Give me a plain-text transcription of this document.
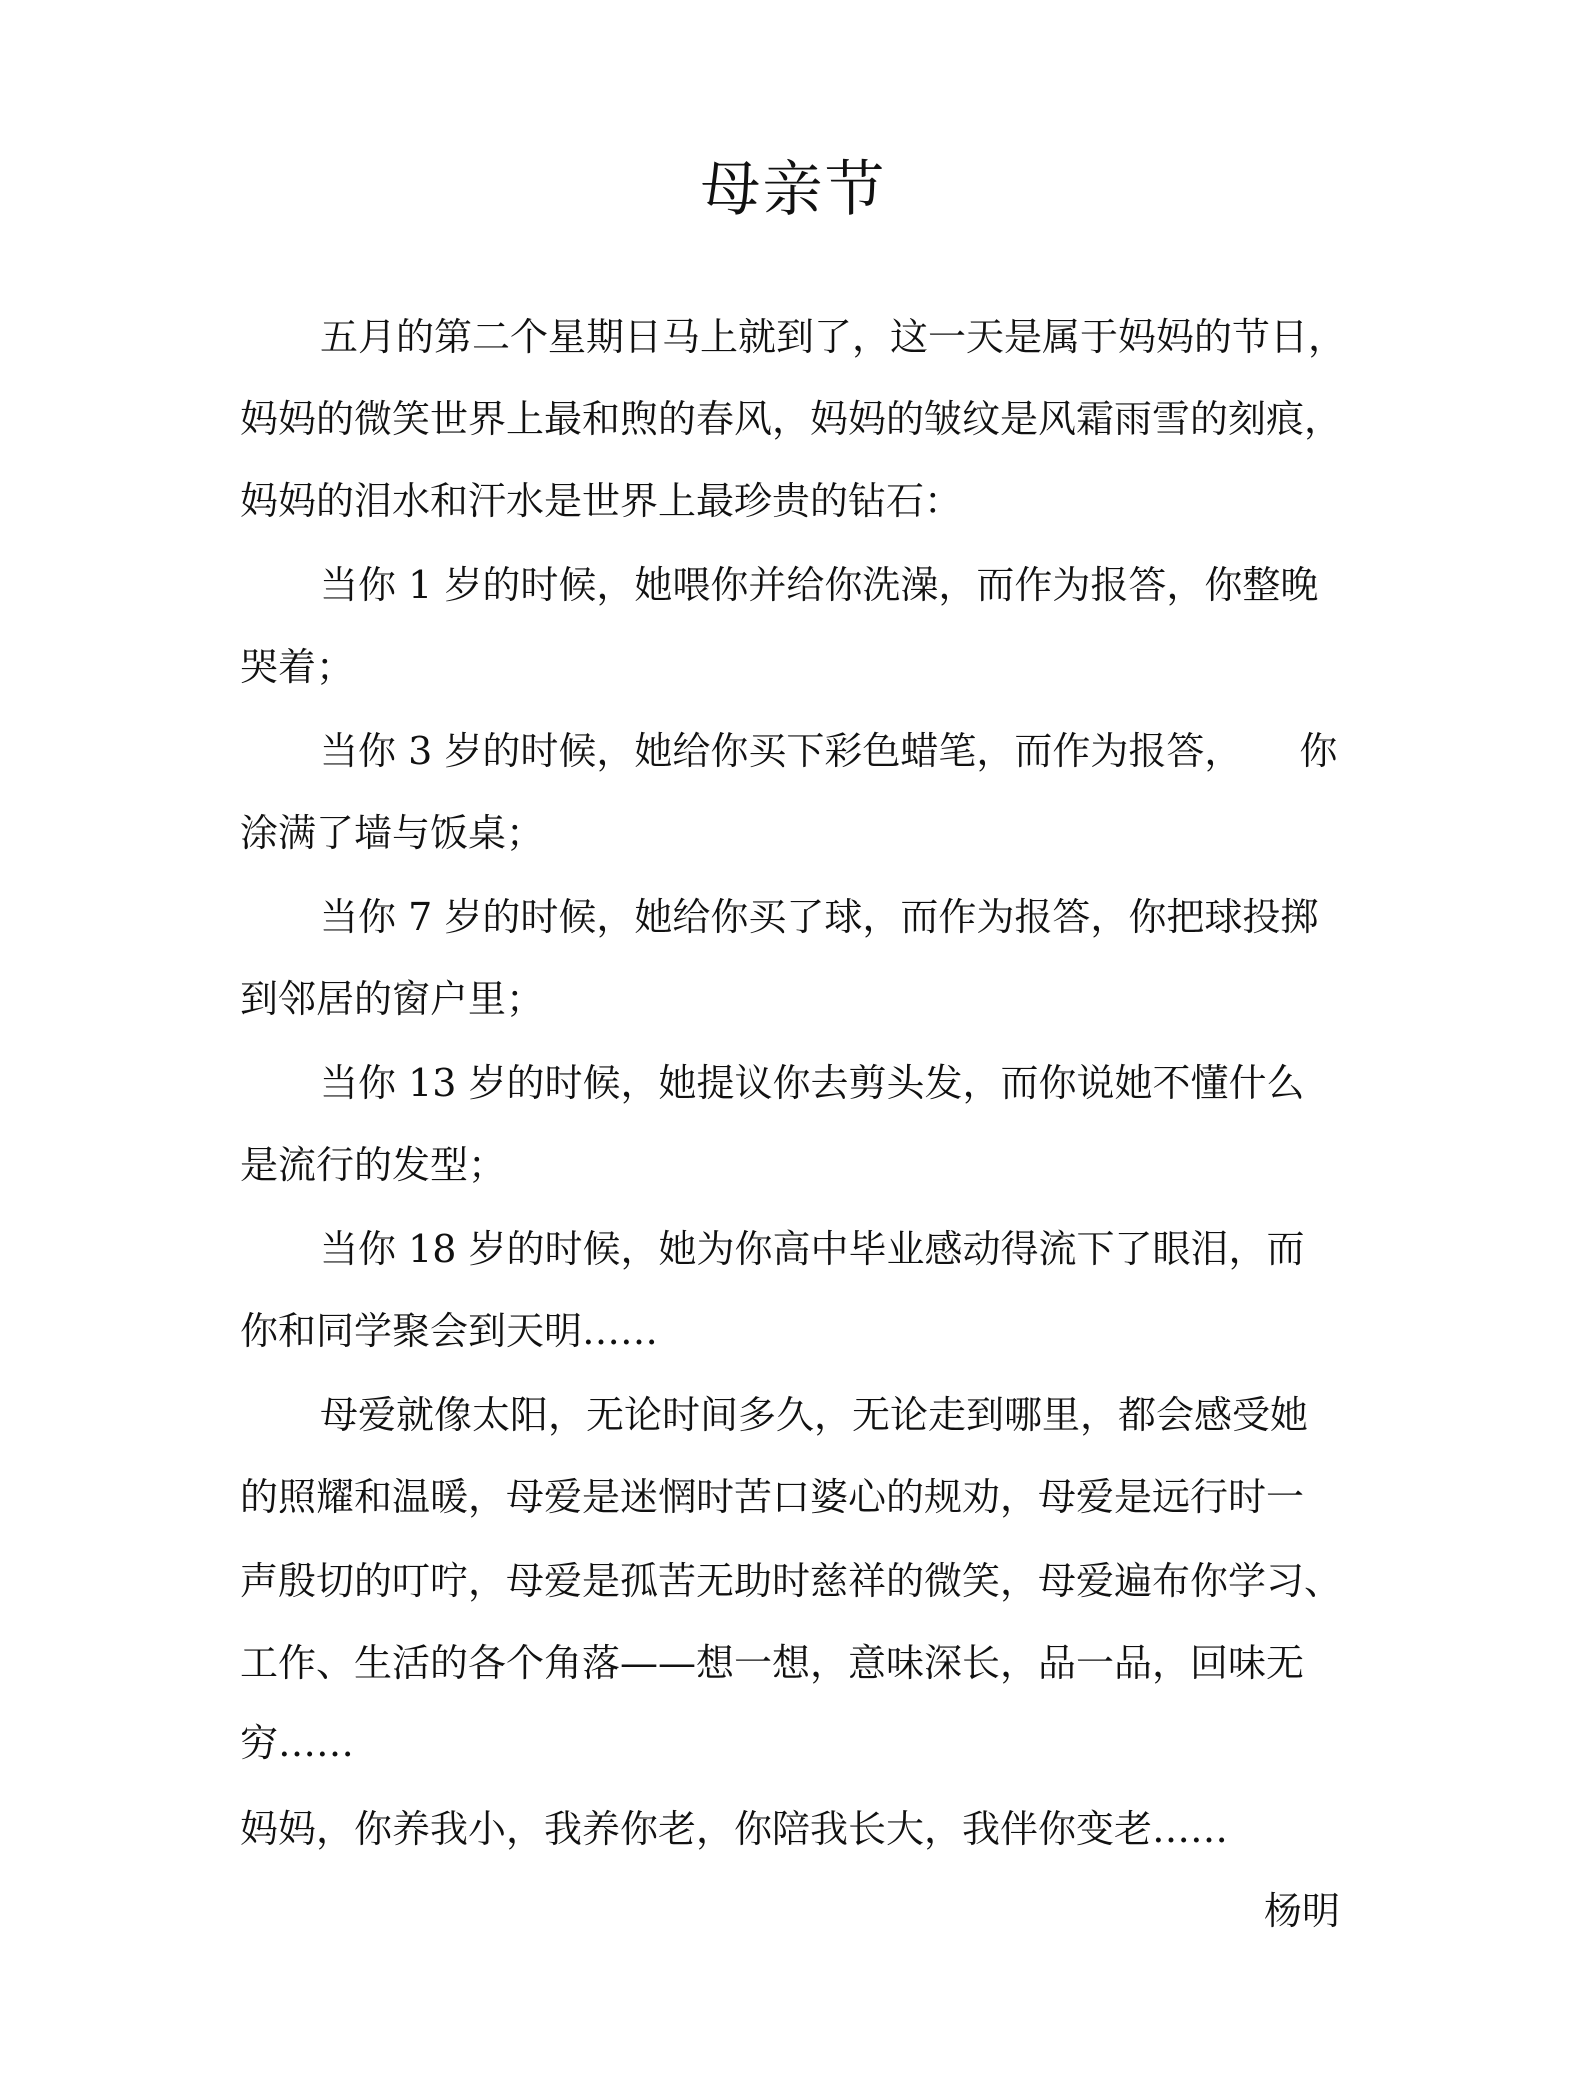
母亲节

五月的第二个星期日马上就到了，这一天是属于妈妈的节日，

妈妈的微笑世界上最和煦的春风，妈妈的皱纹是风霜雨雪的刻痕，

妈妈的泪水和汗水是世界上最珍贵的钻石：

当你 1 岁的时候，她喂你并给你洗澡，而作为报答，你整晚

哭着；

当你 3 岁的时候，她给你买下彩色蜡笔，而作为报答，　　你

涂满了墙与饭桌；

当你 7 岁的时候，她给你买了球，而作为报答，你把球投掷

到邻居的窗户里；

当你 13 岁的时候，她提议你去剪头发，而你说她不懂什么

是流行的发型；

当你 18 岁的时候，她为你高中毕业感动得流下了眼泪，而

你和同学聚会到天明……

母爱就像太阳，无论时间多久，无论走到哪里，都会感受她

的照耀和温暖，母爱是迷惘时苦口婆心的规劝，母爱是远行时一

声殷切的叮咛，母爱是孤苦无助时慈祥的微笑，母爱遍布你学习、

工作、生活的各个角落——想一想，意味深长，品一品，回味无

穷……

妈妈，你养我小，我养你老，你陪我长大，我伴你变老……

杨明
